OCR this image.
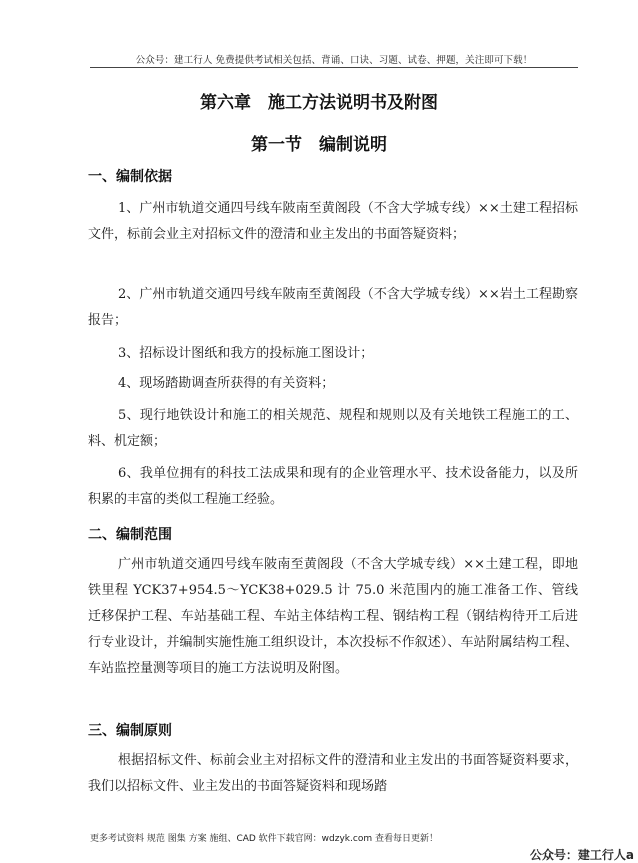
公众号：建工行人 免费提供考试相关包括、背诵、口诀、习题、试卷、押题，关注即可下载！
第六章　施工方法说明书及附图
第一节　编制说明
一、编制依据
1、广州市轨道交通四号线车陂南至黄阁段（不含大学城专线）××土建工程招标文件，标前会业主对招标文件的澄清和业主发出的书面答疑资料；
2、广州市轨道交通四号线车陂南至黄阁段（不含大学城专线）××岩土工程勘察报告；
3、招标设计图纸和我方的投标施工图设计；
4、现场踏勘调查所获得的有关资料；
5、现行地铁设计和施工的相关规范、规程和规则以及有关地铁工程施工的工、料、机定额；
6、我单位拥有的科技工法成果和现有的企业管理水平、技术设备能力，以及所积累的丰富的类似工程施工经验。
二、编制范围
广州市轨道交通四号线车陂南至黄阁段（不含大学城专线）××土建工程，即地铁里程 YCK37+954.5～YCK38+029.5 计 75.0 米范围内的施工准备工作、管线迁移保护工程、车站基础工程、车站主体结构工程、钢结构工程（钢结构待开工后进行专业设计，并编制实施性施工组织设计，本次投标不作叙述）、车站附属结构工程、车站监控量测等项目的施工方法说明及附图。
三、编制原则
根据招标文件、标前会业主对招标文件的澄清和业主发出的书面答疑资料要求，我们以招标文件、业主发出的书面答疑资料和现场踏
更多考试资料 规范 图集 方案 施组、CAD 软件下载官网：wdzyk.com 查看每日更新！
公众号：建工行人a
